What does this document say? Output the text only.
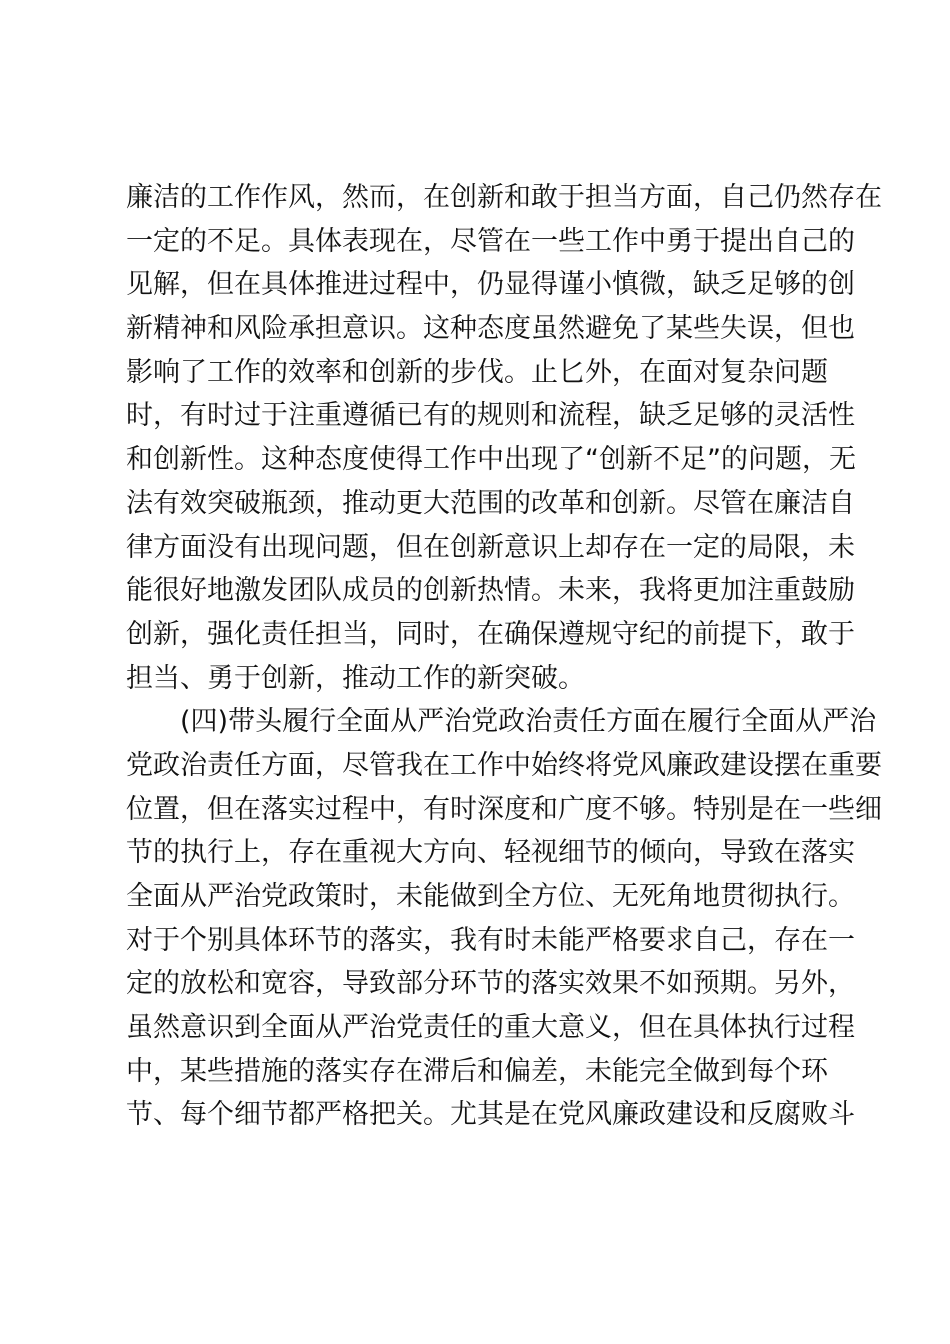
廉洁的工作作风，然而，在创新和敢于担当方面，自己仍然存在
一定的不足。具体表现在，尽管在一些工作中勇于提出自己的
见解，但在具体推进过程中，仍显得谨小慎微，缺乏足够的创
新精神和风险承担意识。这种态度虽然避免了某些失误，但也
影响了工作的效率和创新的步伐。止匕外，在面对复杂问题
时，有时过于注重遵循已有的规则和流程，缺乏足够的灵活性
和创新性。这种态度使得工作中出现了“创新不足”的问题，无
法有效突破瓶颈，推动更大范围的改革和创新。尽管在廉洁自
律方面没有出现问题，但在创新意识上却存在一定的局限，未
能很好地激发团队成员的创新热情。未来，我将更加注重鼓励
创新，强化责任担当，同时，在确保遵规守纪的前提下，敢于
担当、勇于创新，推动工作的新突破。
(四)带头履行全面从严治党政治责任方面在履行全面从严治
党政治责任方面，尽管我在工作中始终将党风廉政建设摆在重要
位置，但在落实过程中，有时深度和广度不够。特别是在一些细
节的执行上，存在重视大方向、轻视细节的倾向，导致在落实
全面从严治党政策时，未能做到全方位、无死角地贯彻执行。
对于个别具体环节的落实，我有时未能严格要求自己，存在一
定的放松和宽容，导致部分环节的落实效果不如预期。另外，
虽然意识到全面从严治党责任的重大意义，但在具体执行过程
中，某些措施的落实存在滞后和偏差，未能完全做到每个环
节、每个细节都严格把关。尤其是在党风廉政建设和反腐败斗
